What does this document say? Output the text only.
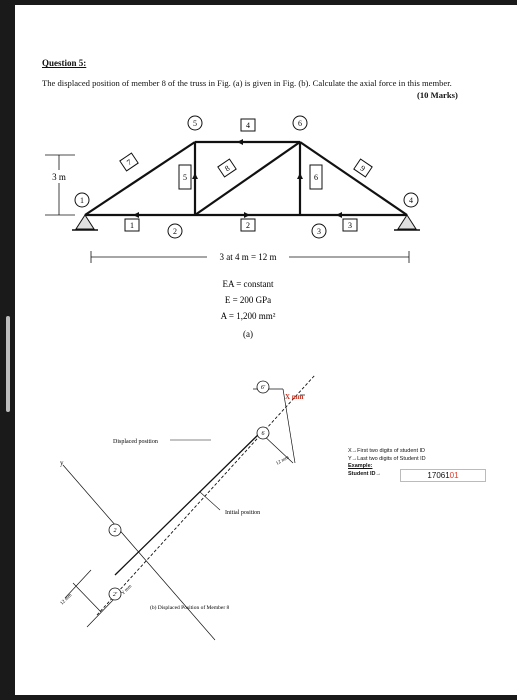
Question 5:
The displaced position of member 8 of the truss in Fig. (a) is given in Fig. (b). Calculate the axial force in this member.
(10 Marks)
1	2	3
4
5	6
7
8	9
1
2	3
4
5	6
3 m
3 at 4 m = 12 m
EA = constant
E = 200 GPa
A = 1,200 mm²
(a)
y
6'
6
2
2'
Displaced position
Initial position
X mm
12 mm
12 mm
Y mm
(b) Displaced Position of Member 8
X→First two digits of student ID
Y→Last two digits of Student ID
Example:
Student ID→	1706101
